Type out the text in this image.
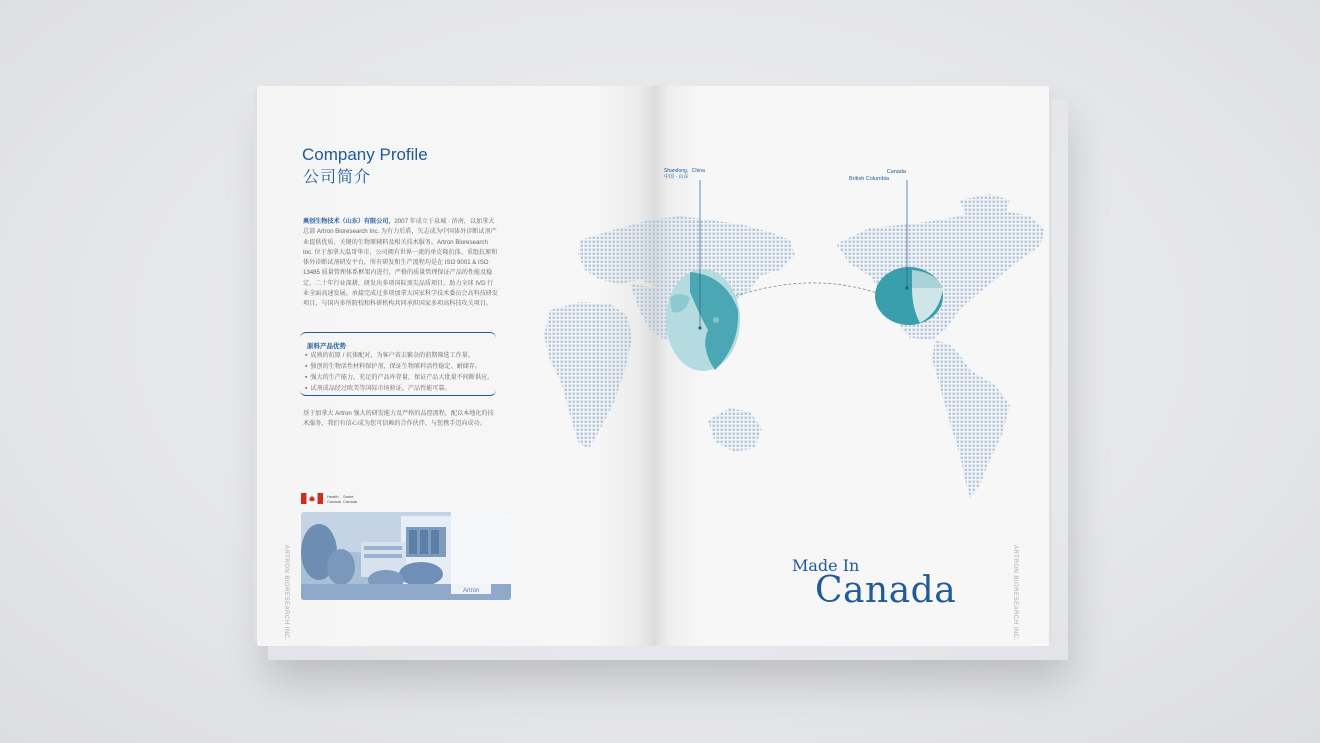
Company Profile
公司简介

奥创生物技术（山东）有限公司，2007 年成立于泉城 · 济南，以加拿大总部 Artron Bioresearch Inc. 为有力后盾，矢志成为中国体外诊断试剂产业提供优质、关键的生物原辅料及相关技术服务。Artron Bioresearch Inc. 位于加拿大温哥华市，公司拥有世界一流的单克隆抗体、重组抗原和体外诊断试剂研发平台，所有研发和生产流程均是在 ISO 9001 & ISO 13485 质量管理体系框架内进行，严格的质量管理保证产品的性能及稳定。二十年行业深耕，研发出多项国际顶尖品质项目，助力全球 IVD 行业全面高速发展。承接完成过多项加拿大国家科学技术委员会高科技研发项目，与国内多所院校和科研机构共同承担国家多项高科技攻关项目。

原料产品优势
● 成熟的抗原 / 抗体配对，为客户省去繁杂的前期筛选工作量。
● 独创的生物活性材料保护剂，保证生物原料活性稳定、耐储存。
● 强大的生产能力，充足的产品库存量，保证产品大批量不间断供应。
● 试剂成品经过欧美等国际市场验证，产品性能可靠。

基于加拿大 Artron 强大的研发能力及严格的品控流程，配以本地化的技术服务，我们有信心成为您可信赖的合作伙伴，与您携手迈向成功。

Health
Canada
Santé
Canada
Artron
ARTRON BIORESEARCH INC.
Shandong，China
中国 · 山东
Canada
British Columbia
Made In
Canada	ARTRON BIORESEARCH INC.
